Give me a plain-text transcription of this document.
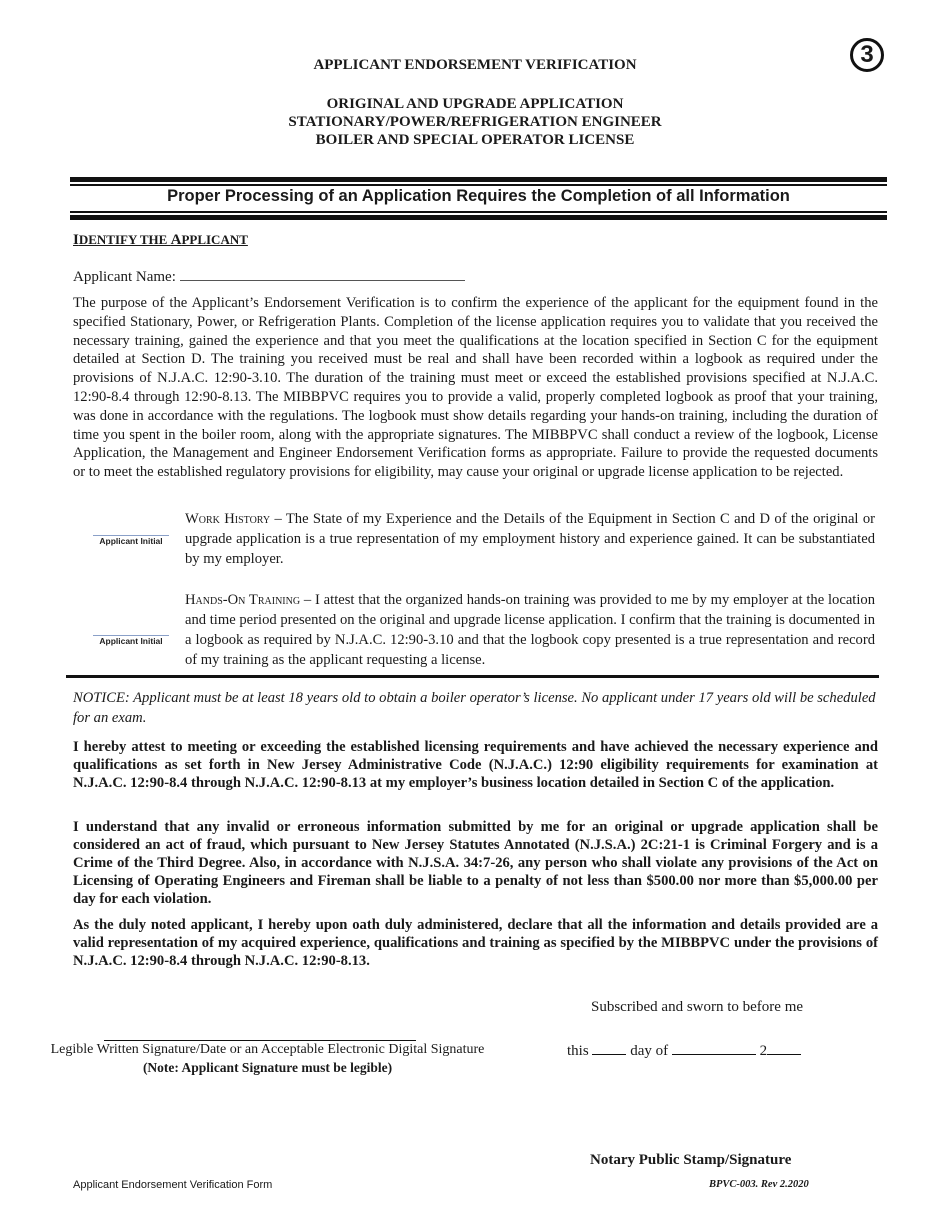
3
APPLICANT ENDORSEMENT VERIFICATION
ORIGINAL AND UPGRADE APPLICATION
STATIONARY/POWER/REFRIGERATION ENGINEER
BOILER AND SPECIAL OPERATOR LICENSE
Proper Processing of an Application Requires the Completion of all Information
IDENTIFY THE APPLICANT
Applicant Name:
The purpose of the Applicant’s Endorsement Verification is to confirm the experience of the applicant for the equipment found in the specified Stationary, Power, or Refrigeration Plants. Completion of the license application requires you to validate that you received the necessary training, gained the experience and that you meet the qualifications at the location specified in Section C for the equipment detailed at Section D. The training you received must be real and shall have been recorded within a logbook as required under the provisions of N.J.A.C. 12:90-3.10. The duration of the training must meet or exceed the established provisions specified at N.J.A.C. 12:90-8.4 through 12:90-8.13. The MIBBPVC requires you to provide a valid, properly completed logbook as proof that your training, was done in accordance with the regulations. The logbook must show details regarding your hands-on training, including the duration of time you spent in the boiler room, along with the appropriate signatures. The MIBBPVC shall conduct a review of the logbook, License Application, the Management and Engineer Endorsement Verification forms as appropriate. Failure to provide the requested documents or to meet the established regulatory provisions for eligibility, may cause your original or upgrade license application to be rejected.
Applicant Initial
Work History – The State of my Experience and the Details of the Equipment in Section C and D of the original or upgrade application is a true representation of my employment history and experience gained. It can be substantiated by my employer.
Applicant Initial
Hands-On Training – I attest that the organized hands-on training was provided to me by my employer at the location and time period presented on the original and upgrade license application. I confirm that the training is documented in a logbook as required by N.J.A.C. 12:90-3.10 and that the logbook copy presented is a true representation and record of my training as the applicant requesting a license.
NOTICE: Applicant must be at least 18 years old to obtain a boiler operator’s license. No applicant under 17 years old will be scheduled for an exam.
I hereby attest to meeting or exceeding the established licensing requirements and have achieved the necessary experience and qualifications as set forth in New Jersey Administrative Code (N.J.A.C.) 12:90 eligibility requirements for examination at N.J.A.C. 12:90-8.4 through N.J.A.C. 12:90-8.13 at my employer’s business location detailed in Section C of the application.
I understand that any invalid or erroneous information submitted by me for an original or upgrade application shall be considered an act of fraud, which pursuant to New Jersey Statutes Annotated (N.J.S.A.) 2C:21-1 is Criminal Forgery and is a Crime of the Third Degree. Also, in accordance with N.J.S.A. 34:7-26, any person who shall violate any provisions of the Act on Licensing of Operating Engineers and Fireman shall be liable to a penalty of not less than $500.00 nor more than $5,000.00 per day for each violation.
As the duly noted applicant, I hereby upon oath duly administered, declare that all the information and details provided are a valid representation of my acquired experience, qualifications and training as specified by the MIBBPVC under the provisions of N.J.A.C. 12:90-8.4 through N.J.A.C. 12:90-8.13.
Subscribed and sworn to before me
Legible Written Signature/Date or an Acceptable Electronic Digital Signature
(Note: Applicant Signature must be legible)
this	day of	2
Notary Public Stamp/Signature
Applicant Endorsement Verification Form	BPVC-003. Rev 2.2020
